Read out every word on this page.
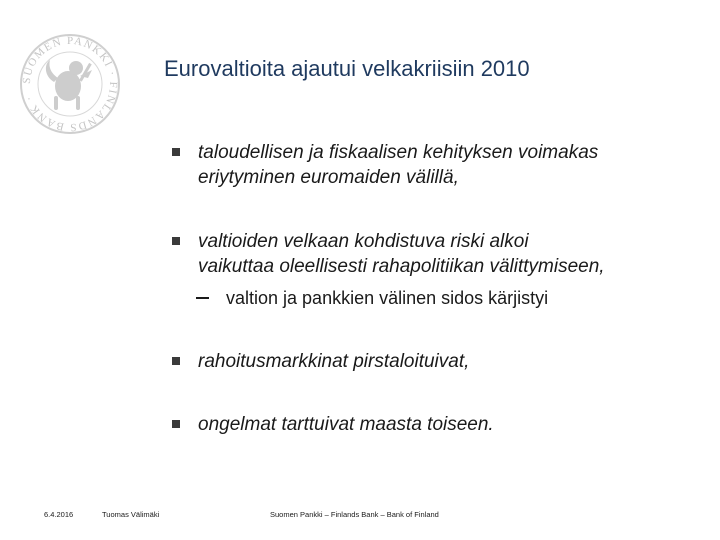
SUOMEN PANKKI · FINLANDS BANK ·
Eurovaltioita ajautui velkakriisiin 2010
taloudellisen ja fiskaalisen kehityksen voimakas
eriytyminen euromaiden välillä,
valtioiden velkaan kohdistuva riski alkoi
vaikuttaa oleellisesti rahapolitiikan välittymiseen,
valtion ja pankkien välinen sidos kärjistyi
rahoitusmarkkinat pirstaloituivat,
ongelmat tarttuivat maasta toiseen.
6.4.2016	Tuomas Välimäki	Suomen Pankki – Finlands Bank – Bank of Finland
